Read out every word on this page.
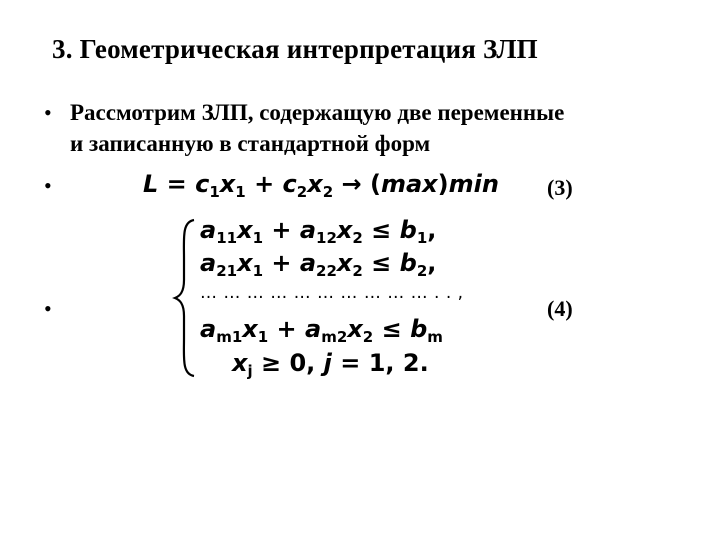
3. Геометрическая интерпретация ЗЛП
• Рассмотрим ЗЛП, содержащую две переменные
и записанную в стандартной форм
•	$L = c_1x_1 + c_2x_2 \to (\max)\min$ (3)
•
$a_{11}x_1 + a_{12}x_2 \le b_1$,
$a_{21}x_1 + a_{22}x_2 \le b_2$,
… … … … … … … … … … . . ,
$a_{m1}x_1 + a_{m2}x_2 \le b_m$
$x_j \ge 0$, j = 1, 2.
(4)
